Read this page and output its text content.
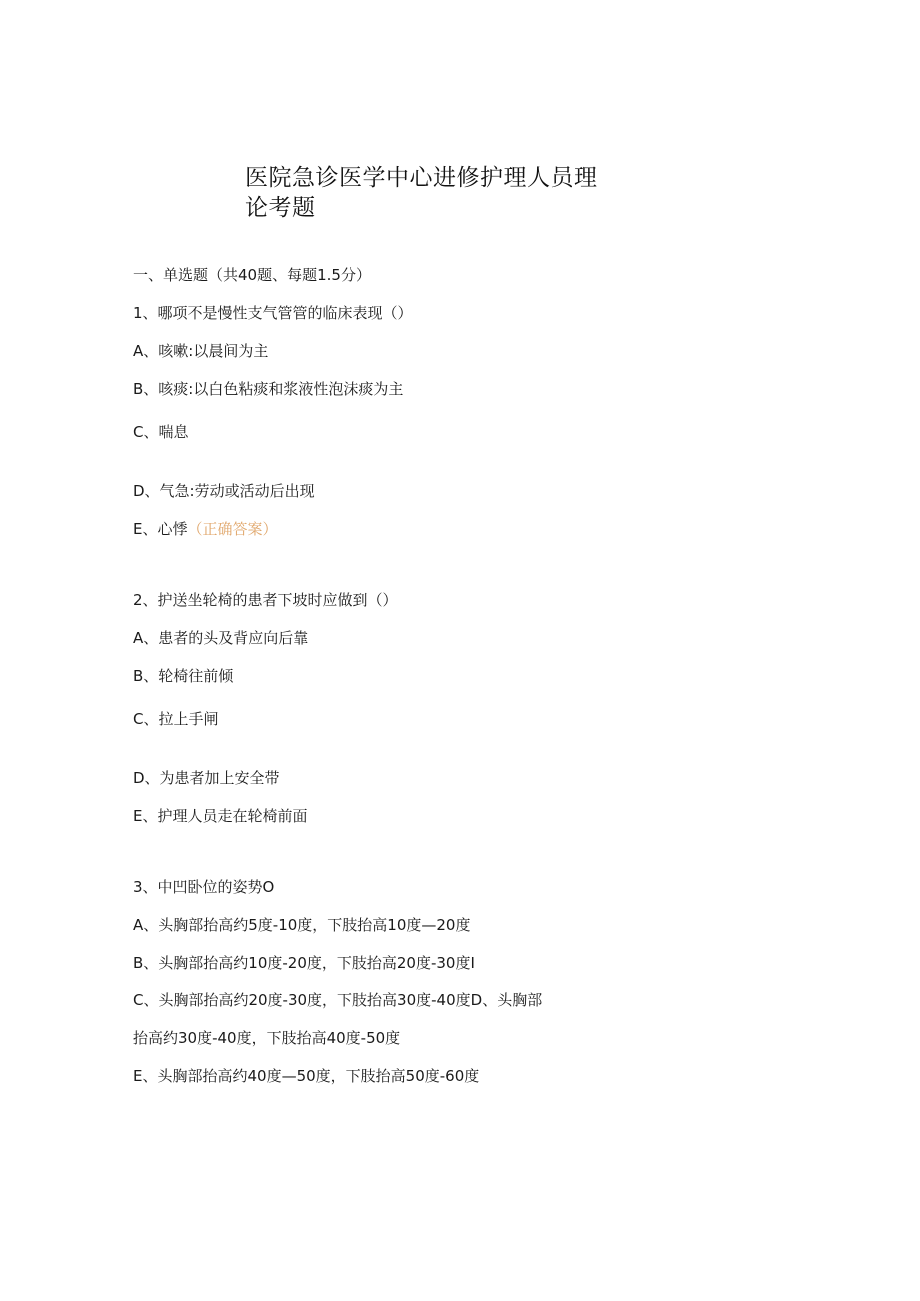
医院急诊医学中心进修护理人员理论考题
一、单选题（共40题、每题1.5分）
1、哪项不是慢性支气管管的临床表现（）
A、咳嗽:以晨间为主
B、咳痰:以白色粘痰和浆液性泡沫痰为主
C、喘息
D、气急:劳动或活动后出现
E、心悸（正确答案）
2、护送坐轮椅的患者下坡时应做到（）
A、患者的头及背应向后靠
B、轮椅往前倾
C、拉上手闸
D、为患者加上安全带
E、护理人员走在轮椅前面
3、中凹卧位的姿势O
A、头胸部抬高约5度-10度，下肢抬高10度—20度
B、头胸部抬高约10度-20度，下肢抬高20度-30度I
C、头胸部抬高约20度-30度，下肢抬高30度-40度D、头胸部
抬高约30度-40度，下肢抬高40度-50度
E、头胸部抬高约40度—50度，下肢抬高50度-60度
